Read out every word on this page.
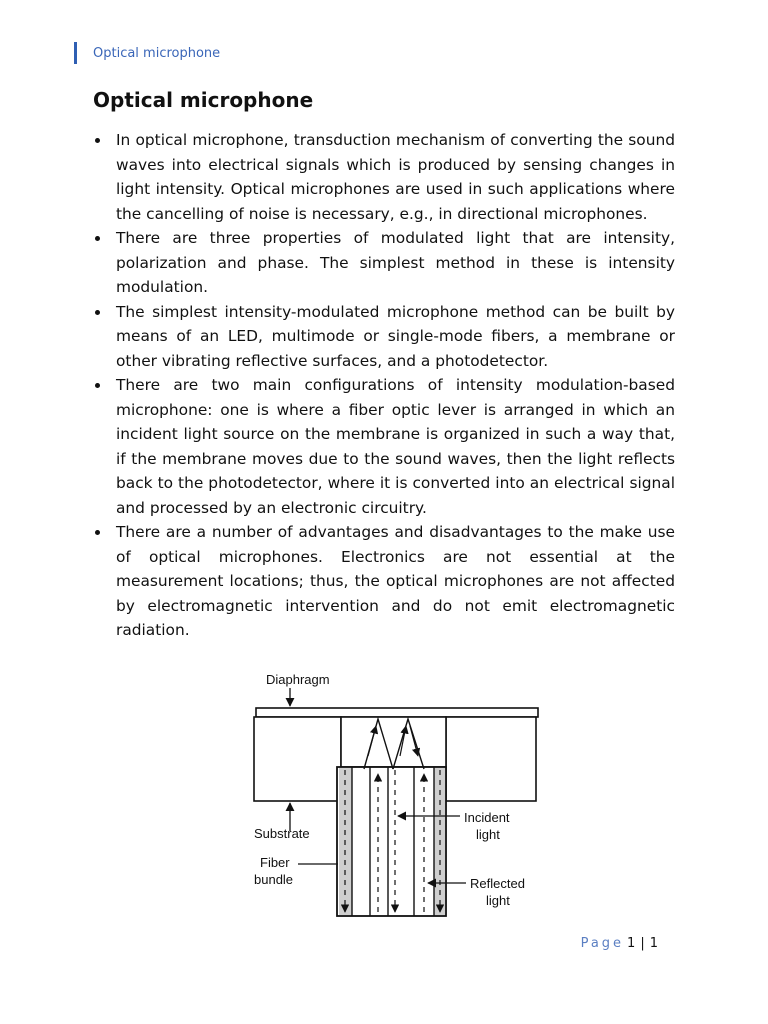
Optical microphone
Optical microphone
In optical microphone, transduction mechanism of converting the sound waves into electrical signals which is produced by sensing changes in light intensity. Optical microphones are used in such applications where the cancelling of noise is necessary, e.g., in directional microphones.
There are three properties of modulated light that are intensity, polarization and phase. The simplest method in these is intensity modulation.
The simplest intensity-modulated microphone method can be built by means of an LED, multimode or single-mode fibers, a membrane or other vibrating reflective surfaces, and a photodetector.
There are two main configurations of intensity modulation-based microphone: one is where a fiber optic lever is arranged in which an incident light source on the membrane is organized in such a way that, if the membrane moves due to the sound waves, then the light reflects back to the photodetector, where it is converted into an electrical signal and processed by an electronic circuitry.
There are a number of advantages and disadvantages to the make use of optical microphones. Electronics are not essential at the measurement locations; thus, the optical microphones are not affected by electromagnetic intervention and do not emit electromagnetic radiation.
Diaphragm
Substrate
Fiber
bundle
Incident
light
Reflected
light
Page 1 | 1
